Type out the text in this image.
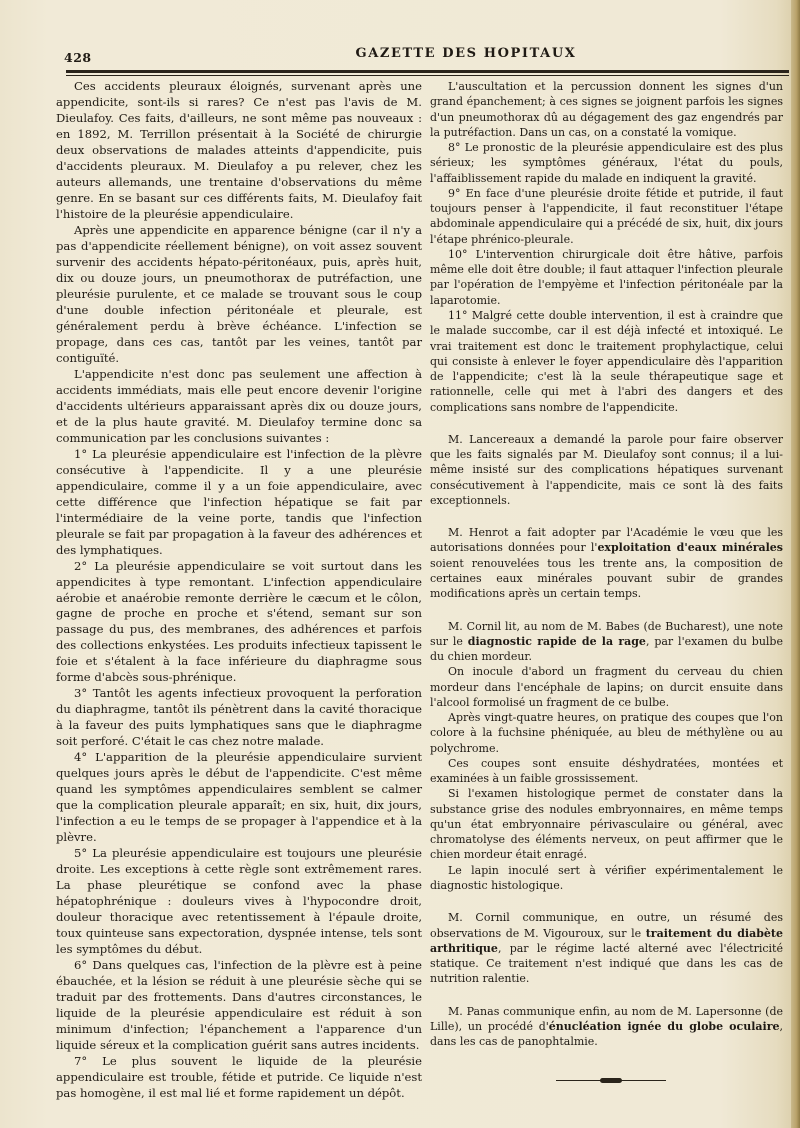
428	GAZETTE DES HOPITAUX

Ces accidents pleuraux éloignés, survenant après une appendicite, sont-ils si rares? Ce n'est pas l'avis de M. Dieulafoy. Ces faits, d'ailleurs, ne sont même pas nouveaux : en 1892, M. Terrillon présentait à la Société de chirurgie deux observations de malades atteints d'appendicite, puis d'accidents pleuraux. M. Dieulafoy a pu relever, chez les auteurs allemands, une trentaine d'observations du même genre. En se basant sur ces différents faits, M. Dieulafoy fait l'histoire de la pleurésie appendiculaire.

Après une appendicite en apparence bénigne (car il n'y a pas d'appendicite réellement bénigne), on voit assez souvent survenir des accidents hépato-péritonéaux, puis, après huit, dix ou douze jours, un pneumothorax de putréfaction, une pleurésie purulente, et ce malade se trouvant sous le coup d'une double infection péritonéale et pleurale, est généralement perdu à brève échéance. L'infection se propage, dans ces cas, tantôt par les veines, tantôt par contiguïté.

L'appendicite n'est donc pas seulement une affection à accidents immédiats, mais elle peut encore devenir l'origine d'accidents ultérieurs apparaissant après dix ou douze jours, et de la plus haute gravité. M. Dieulafoy termine donc sa communication par les conclusions suivantes :

1° La pleurésie appendiculaire est l'infection de la plèvre consécutive à l'appendicite. Il y a une pleurésie appendiculaire, comme il y a un foie appendiculaire, avec cette différence que l'infection hépatique se fait par l'intermédiaire de la veine porte, tandis que l'infection pleurale se fait par propagation à la faveur des adhérences et des lymphatiques.

2° La pleurésie appendiculaire se voit surtout dans les appendicites à type remontant. L'infection appendiculaire aérobie et anaérobie remonte derrière le cæcum et le côlon, gagne de proche en proche et s'étend, semant sur son passage du pus, des membranes, des adhérences et parfois des collections enkystées. Les produits infectieux tapissent le foie et s'étalent à la face inférieure du diaphragme sous forme d'abcès sous-phrénique.

3° Tantôt les agents infectieux provoquent la perforation du diaphragme, tantôt ils pénètrent dans la cavité thoracique à la faveur des puits lymphatiques sans que le diaphragme soit perforé. C'était le cas chez notre malade.

4° L'apparition de la pleurésie appendiculaire survient quelques jours après le début de l'appendicite. C'est même quand les symptômes appendiculaires semblent se calmer que la complication pleurale apparaît; en six, huit, dix jours, l'infection a eu le temps de se propager à l'appendice et à la plèvre.

5° La pleurésie appendiculaire est toujours une pleurésie droite. Les exceptions à cette règle sont extrêmement rares. La phase pleurétique se confond avec la phase hépatophrénique : douleurs vives à l'hypocondre droit, douleur thoracique avec retentissement à l'épaule droite, toux quinteuse sans expectoration, dyspnée intense, tels sont les symptômes du début.

6° Dans quelques cas, l'infection de la plèvre est à peine ébauchée, et la lésion se réduit à une pleurésie sèche qui se traduit par des frottements. Dans d'autres circonstances, le liquide de la pleurésie appendiculaire est réduit à son minimum d'infection; l'épanchement a l'apparence d'un liquide séreux et la complication guérit sans autres incidents.

7° Le plus souvent le liquide de la pleurésie appendiculaire est trouble, fétide et putride. Ce liquide n'est pas homogène, il est mal lié et forme rapidement un dépôt.

L'auscultation et la percussion donnent les signes d'un grand épanchement; à ces signes se joignent parfois les signes d'un pneumothorax dû au dégagement des gaz engendrés par la putréfaction. Dans un cas, on a constaté la vomique.

8° Le pronostic de la pleurésie appendiculaire est des plus sérieux; les symptômes généraux, l'état du pouls, l'affaiblissement rapide du malade en indiquent la gravité.

9° En face d'une pleurésie droite fétide et putride, il faut toujours penser à l'appendicite, il faut reconstituer l'étape abdominale appendiculaire qui a précédé de six, huit, dix jours l'étape phrénico-pleurale.

10° L'intervention chirurgicale doit être hâtive, parfois même elle doit être double; il faut attaquer l'infection pleurale par l'opération de l'empyème et l'infection péritonéale par la laparotomie.

11° Malgré cette double intervention, il est à craindre que le malade succombe, car il est déjà infecté et intoxiqué. Le vrai traitement est donc le traitement prophylactique, celui qui consiste à enlever le foyer appendiculaire dès l'apparition de l'appendicite; c'est là la seule thérapeutique sage et rationnelle, celle qui met à l'abri des dangers et des complications sans nombre de l'appendicite.

M. Lancereaux a demandé la parole pour faire observer que les faits signalés par M. Dieulafoy sont connus; il a lui-même insisté sur des complications hépatiques survenant consécutivement à l'appendicite, mais ce sont là des faits exceptionnels.

M. Henrot a fait adopter par l'Académie le vœu que les autorisations données pour l'exploitation d'eaux minérales soient renouvelées tous les trente ans, la composition de certaines eaux minérales pouvant subir de grandes modifications après un certain temps.

M. Cornil lit, au nom de M. Babes (de Bucharest), une note sur le diagnostic rapide de la rage, par l'examen du bulbe du chien mordeur.

On inocule d'abord un fragment du cerveau du chien mordeur dans l'encéphale de lapins; on durcit ensuite dans l'alcool formolisé un fragment de ce bulbe.

Après vingt-quatre heures, on pratique des coupes que l'on colore à la fuchsine phéniquée, au bleu de méthylène ou au polychrome.

Ces coupes sont ensuite déshydratées, montées et examinées à un faible grossissement.

Si l'examen histologique permet de constater dans la substance grise des nodules embryonnaires, en même temps qu'un état embryonnaire périvasculaire ou général, avec chromatolyse des éléments nerveux, on peut affirmer que le chien mordeur était enragé.

Le lapin inoculé sert à vérifier expérimentalement le diagnostic histologique.

M. Cornil communique, en outre, un résumé des observations de M. Vigouroux, sur le traitement du diabète arthritique, par le régime lacté alterné avec l'électricité statique. Ce traitement n'est indiqué que dans les cas de nutrition ralentie.

M. Panas communique enfin, au nom de M. Lapersonne (de Lille), un procédé d'énucléation ignée du globe oculaire, dans les cas de panophtalmie.
